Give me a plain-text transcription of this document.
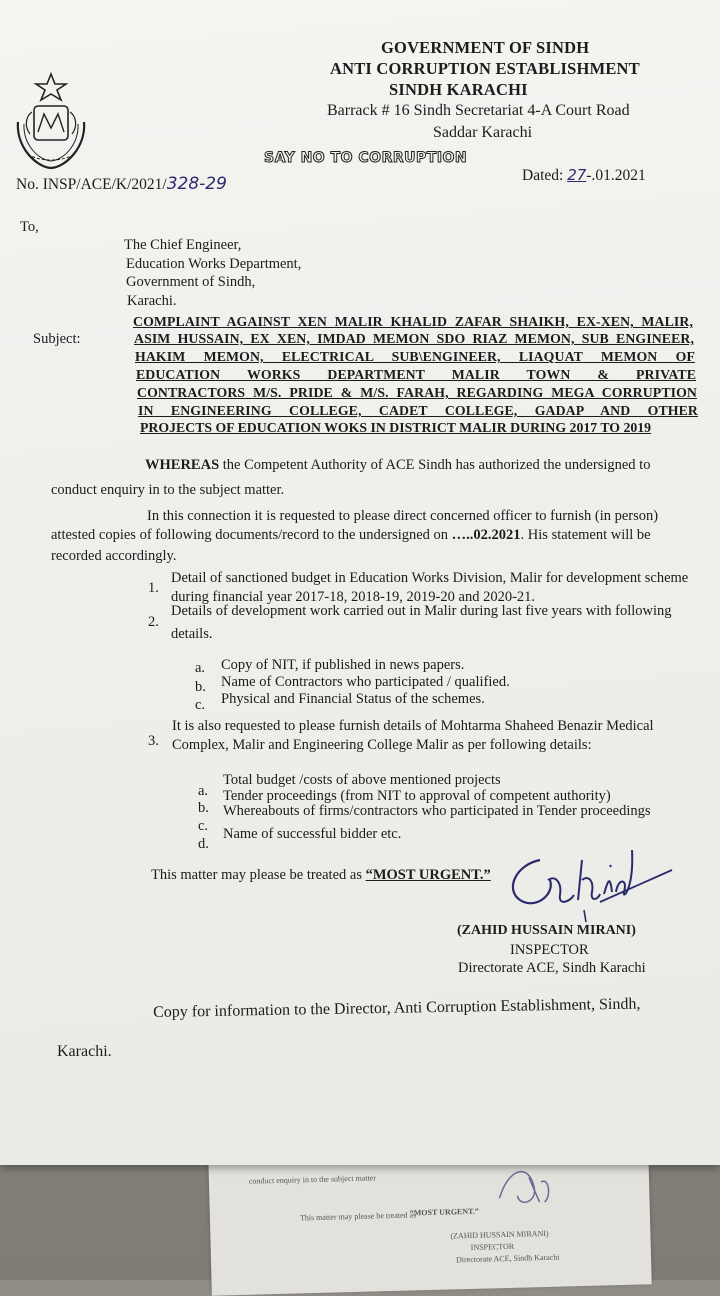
conduct enquiry in to the subject matter
This matter may please be treated as
“MOST URGENT.”
(ZAHID HUSSAIN MIRANI)
INSPECTOR
Directorate ACE, Sindh Karachi
GOVERNMENT OF SINDH
ANTI CORRUPTION ESTABLISHMENT
SINDH KARACHI
Barrack # 16 Sindh Secretariat 4-A Court Road
Saddar Karachi
SAY NO TO CORRUPTION
No. INSP/ACE/K/2021/328-29	Dated: 27-.01.2021
To,
The Chief Engineer,
Education Works Department,
Government of Sindh,
Karachi.
Subject:
COMPLAINT AGAINST XEN MALIR KHALID ZAFAR SHAIKH, EX-XEN, MALIR,
ASIM HUSSAIN, EX XEN, IMDAD MEMON SDO RIAZ MEMON, SUB ENGINEER,
HAKIM MEMON, ELECTRICAL SUB\ENGINEER, LIAQUAT MEMON OF
EDUCATION WORKS DEPARTMENT MALIR TOWN & PRIVATE
CONTRACTORS M/S. PRIDE & M/S. FARAH, REGARDING MEGA CORRUPTION
IN ENGINEERING COLLEGE, CADET COLLEGE, GADAP AND OTHER
PROJECTS OF EDUCATION WOKS IN DISTRICT MALIR DURING 2017 TO 2019
WHEREAS the Competent Authority of ACE Sindh has authorized the undersigned to
conduct enquiry in to the subject matter.
In this connection it is requested to please direct concerned officer to furnish (in person)
attested copies of following documents/record to the undersigned on …..02.2021. His statement will be
recorded accordingly.
1.
Detail of sanctioned budget in Education Works Division, Malir for development scheme
during financial year 2017-18, 2018-19, 2019-20 and 2020-21.
2.
Details of development work carried out in Malir during last five years with following
details.
a. Copy of NIT, if published in news papers.
b. Name of Contractors who participated / qualified.
c. Physical and Financial Status of the schemes.
3.
It is also requested to please furnish details of Mohtarma Shaheed Benazir Medical
Complex, Malir and Engineering College Malir as per following details:
a.
Total budget /costs of above mentioned projects
b.
Tender proceedings (from NIT to approval of competent authority)
c.
Whereabouts of firms/contractors who participated in Tender proceedings
d.
Name of successful bidder etc.
This matter may please be treated as “MOST URGENT.”
(ZAHID HUSSAIN MIRANI)
INSPECTOR
Directorate ACE, Sindh Karachi
Copy for information to the Director, Anti Corruption Establishment, Sindh,
Karachi.
